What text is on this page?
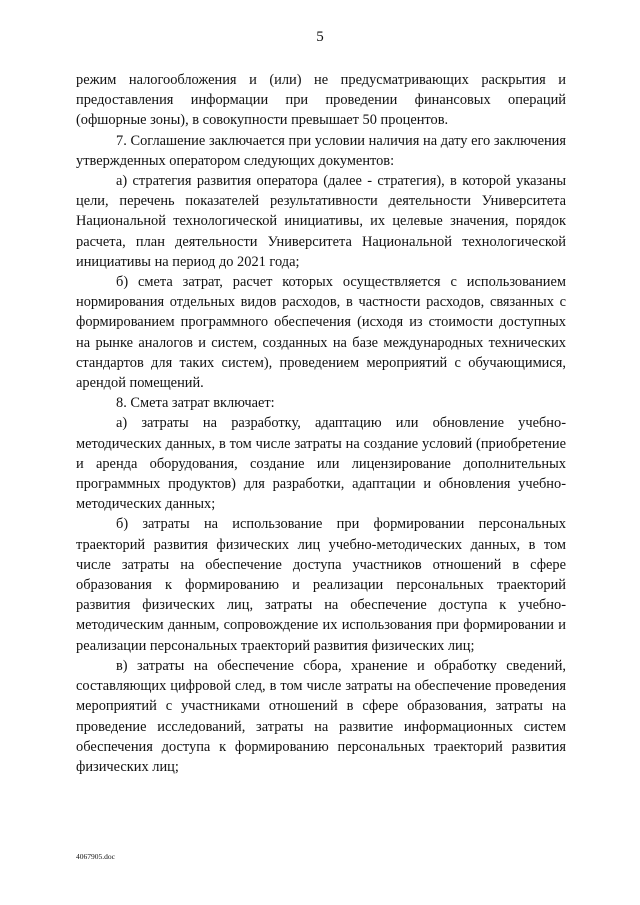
5

режим налогообложения и (или) не предусматривающих раскрытия и предоставления информации при проведении финансовых операций (офшорные зоны), в совокупности превышает 50 процентов.

7. Соглашение заключается при условии наличия на дату его заключения утвержденных оператором следующих документов:

а) стратегия развития оператора (далее - стратегия), в которой указаны цели, перечень показателей результативности деятельности Университета Национальной технологической инициативы, их целевые значения, порядок расчета, план деятельности Университета Национальной технологической инициативы на период до 2021 года;

б) смета затрат, расчет которых осуществляется с использованием нормирования отдельных видов расходов, в частности расходов, связанных с формированием программного обеспечения (исходя из стоимости доступных на рынке аналогов и систем, созданных на базе международных технических стандартов для таких систем), проведением мероприятий с обучающимися, арендой помещений.

8. Смета затрат включает:

а) затраты на разработку, адаптацию или обновление учебно-методических данных, в том числе затраты на создание условий (приобретение и аренда оборудования, создание или лицензирование дополнительных программных продуктов) для разработки, адаптации и обновления учебно-методических данных;

б) затраты на использование при формировании персональных траекторий развития физических лиц учебно-методических данных, в том числе затраты на обеспечение доступа участников отношений в сфере образования к формированию и реализации персональных траекторий развития физических лиц, затраты на обеспечение доступа к учебно-методическим данным, сопровождение их использования при формировании и реализации персональных траекторий развития физических лиц;

в) затраты на обеспечение сбора, хранение и обработку сведений, составляющих цифровой след, в том числе затраты на обеспечение проведения мероприятий с участниками отношений в сфере образования, затраты на проведение исследований, затраты на развитие информационных систем обеспечения доступа к формированию персональных траекторий развития физических лиц;

4067905.doc
